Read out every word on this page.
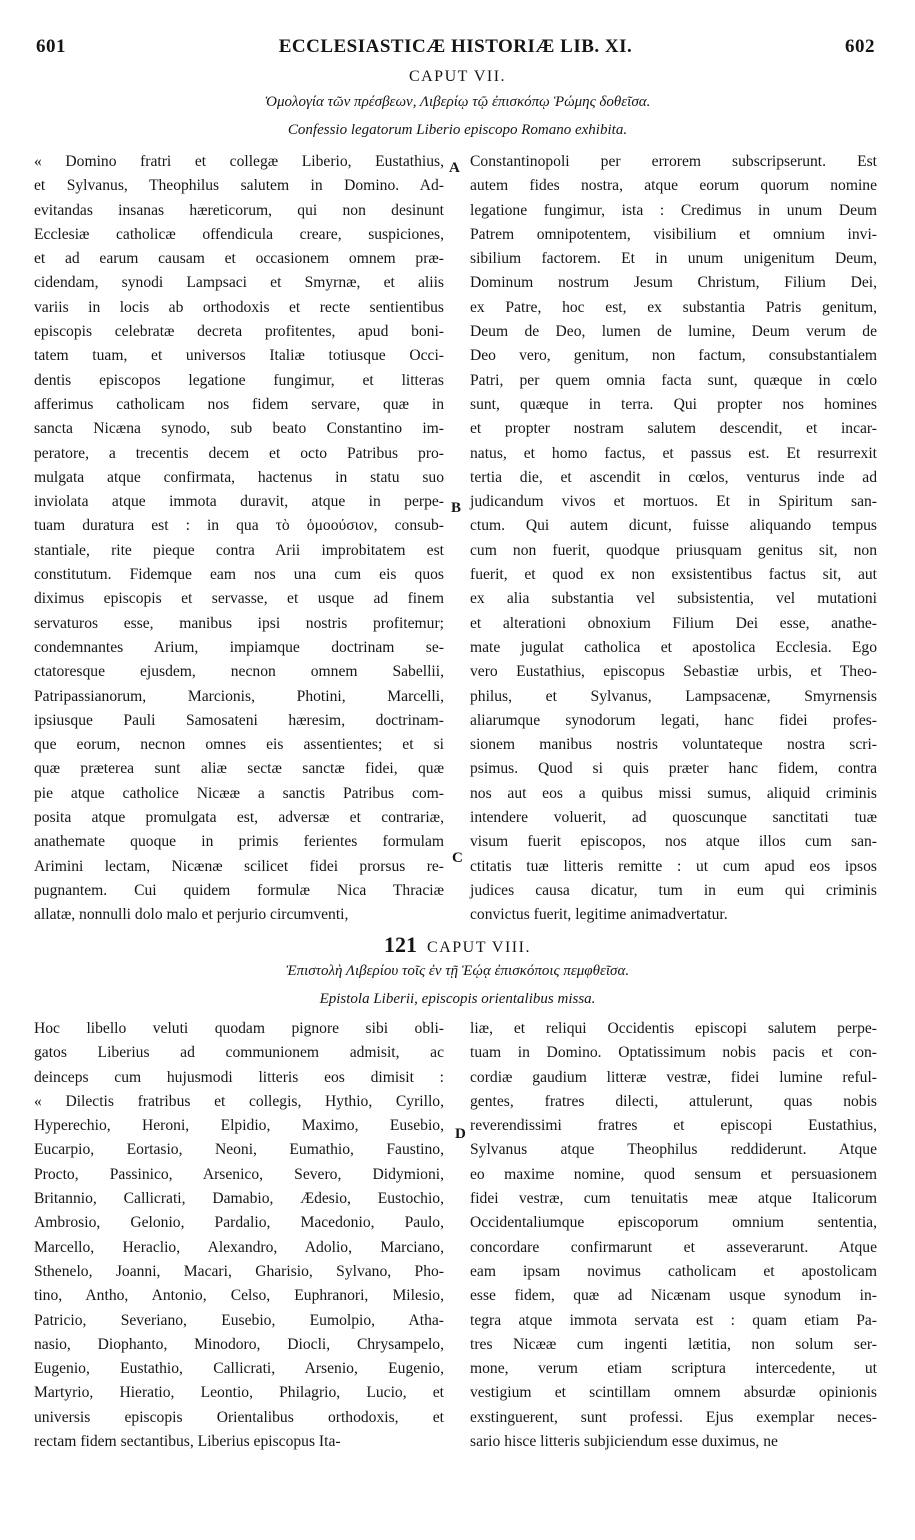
601	ECCLESIASTICÆ HISTORIÆ LIB. XI.	602
CAPUT VII.
Ὁμολογία τῶν πρέσβεων, Λιβερίῳ τῷ ἐπισκόπῳ Ῥώμης δοθεῖσα.
Confessio legatorum Liberio episcopo Romano exhibita.
« Domino fratri et collegæ Liberio, Eustathius,
et Sylvanus, Theophilus salutem in Domino. Ad-
evitandas insanas hæreticorum, qui non desinunt
Ecclesiæ catholicæ offendicula creare, suspiciones,
et ad earum causam et occasionem omnem præ-
cidendam, synodi Lampsaci et Smyrnæ, et aliis
variis in locis ab orthodoxis et recte sentientibus
episcopis celebratæ decreta profitentes, apud boni-
tatem tuam, et universos Italiæ totiusque Occi-
dentis episcopos legatione fungimur, et litteras
afferimus catholicam nos fidem servare, quæ in
sancta Nicæna synodo, sub beato Constantino im-
peratore, a trecentis decem et octo Patribus pro-
mulgata atque confirmata, hactenus in statu suo
inviolata atque immota duravit, atque in perpe-
tuam duratura est : in qua τὸ ὁμοούσιον, consub-
stantiale, rite pieque contra Arii improbitatem est
constitutum. Fidemque eam nos una cum eis quos
diximus episcopis et servasse, et usque ad finem
servaturos esse, manibus ipsi nostris profitemur;
condemnantes Arium, impiamque doctrinam se-
ctatoresque ejusdem, necnon omnem Sabellii,
Patripassianorum, Marcionis, Photini, Marcelli,
ipsiusque Pauli Samosateni hæresim, doctrinam-
que eorum, necnon omnes eis assentientes; et si
quæ præterea sunt aliæ sectæ sanctæ fidei, quæ
pie atque catholice Nicææ a sanctis Patribus com-
posita atque promulgata est, adversæ et contrariæ,
anathemate quoque in primis ferientes formulam
Arimini lectam, Nicænæ scilicet fidei prorsus re-
pugnantem. Cui quidem formulæ Nica Thraciæ
allatæ, nonnulli dolo malo et perjurio circumventi,
Constantinopoli per errorem subscripserunt. Est
autem fides nostra, atque eorum quorum nomine
legatione fungimur, ista : Credimus in unum Deum
Patrem omnipotentem, visibilium et omnium invi-
sibilium factorem. Et in unum unigenitum Deum,
Dominum nostrum Jesum Christum, Filium Dei,
ex Patre, hoc est, ex substantia Patris genitum,
Deum de Deo, lumen de lumine, Deum verum de
Deo vero, genitum, non factum, consubstantialem
Patri, per quem omnia facta sunt, quæque in cœlo
sunt, quæque in terra. Qui propter nos homines
et propter nostram salutem descendit, et incar-
natus, et homo factus, et passus est. Et resurrexit
tertia die, et ascendit in cœlos, venturus inde ad
judicandum vivos et mortuos. Et in Spiritum san-
ctum. Qui autem dicunt, fuisse aliquando tempus
cum non fuerit, quodque priusquam genitus sit, non
fuerit, et quod ex non exsistentibus factus sit, aut
ex alia substantia vel subsistentia, vel mutationi
et alterationi obnoxium Filium Dei esse, anathe-
mate jugulat catholica et apostolica Ecclesia. Ego
vero Eustathius, episcopus Sebastiæ urbis, et Theo-
philus, et Sylvanus, Lampsacenæ, Smyrnensis
aliarumque synodorum legati, hanc fidei profes-
sionem manibus nostris voluntateque nostra scri-
psimus. Quod si quis præter hanc fidem, contra
nos aut eos a quibus missi sumus, aliquid criminis
intendere voluerit, ad quoscunque sanctitati tuæ
visum fuerit episcopos, nos atque illos cum san-
ctitatis tuæ litteris remitte : ut cum apud eos ipsos
judices causa dicatur, tum in eum qui criminis
convictus fuerit, legitime animadvertatur.
A
B
C
D
121 CAPUT VIII.
Ἐπιστολὴ Λιβερίου τοῖς ἐν τῇ Ἑῴᾳ ἐπισκόποις πεμφθεῖσα.
Epistola Liberii, episcopis orientalibus missa.
Hoc libello veluti quodam pignore sibi obli-
gatos Liberius ad communionem admisit, ac
deinceps cum hujusmodi litteris eos dimisit :
« Dilectis fratribus et collegis, Hythio, Cyrillo,
Hyperechio, Heroni, Elpidio, Maximo, Eusebio,
Eucarpio, Eortasio, Neoni, Eumathio, Faustino,
Procto, Passinico, Arsenico, Severo, Didymioni,
Britannio, Callicrati, Damabio, Ædesio, Eustochio,
Ambrosio, Gelonio, Pardalio, Macedonio, Paulo,
Marcello, Heraclio, Alexandro, Adolio, Marciano,
Sthenelo, Joanni, Macari, Gharisio, Sylvano, Pho-
tino, Antho, Antonio, Celso, Euphranori, Milesio,
Patricio, Severiano, Eusebio, Eumolpio, Atha-
nasio, Diophanto, Minodoro, Diocli, Chrysampelo,
Eugenio, Eustathio, Callicrati, Arsenio, Eugenio,
Martyrio, Hieratio, Leontio, Philagrio, Lucio, et
universis episcopis Orientalibus orthodoxis, et
rectam fidem sectantibus, Liberius episcopus Ita-
liæ, et reliqui Occidentis episcopi salutem perpe-
tuam in Domino. Optatissimum nobis pacis et con-
cordiæ gaudium litteræ vestræ, fidei lumine reful-
gentes, fratres dilecti, attulerunt, quas nobis
reverendissimi fratres et episcopi Eustathius,
Sylvanus atque Theophilus reddiderunt. Atque
eo maxime nomine, quod sensum et persuasionem
fidei vestræ, cum tenuitatis meæ atque Italicorum
Occidentaliumque episcoporum omnium sententia,
concordare confirmarunt et asseverarunt. Atque
eam ipsam novimus catholicam et apostolicam
esse fidem, quæ ad Nicænam usque synodum in-
tegra atque immota servata est : quam etiam Pa-
tres Nicææ cum ingenti lætitia, non solum ser-
mone, verum etiam scriptura intercedente, ut
vestigium et scintillam omnem absurdæ opinionis
exstinguerent, sunt professi. Ejus exemplar neces-
sario hisce litteris subjiciendum esse duximus, ne
